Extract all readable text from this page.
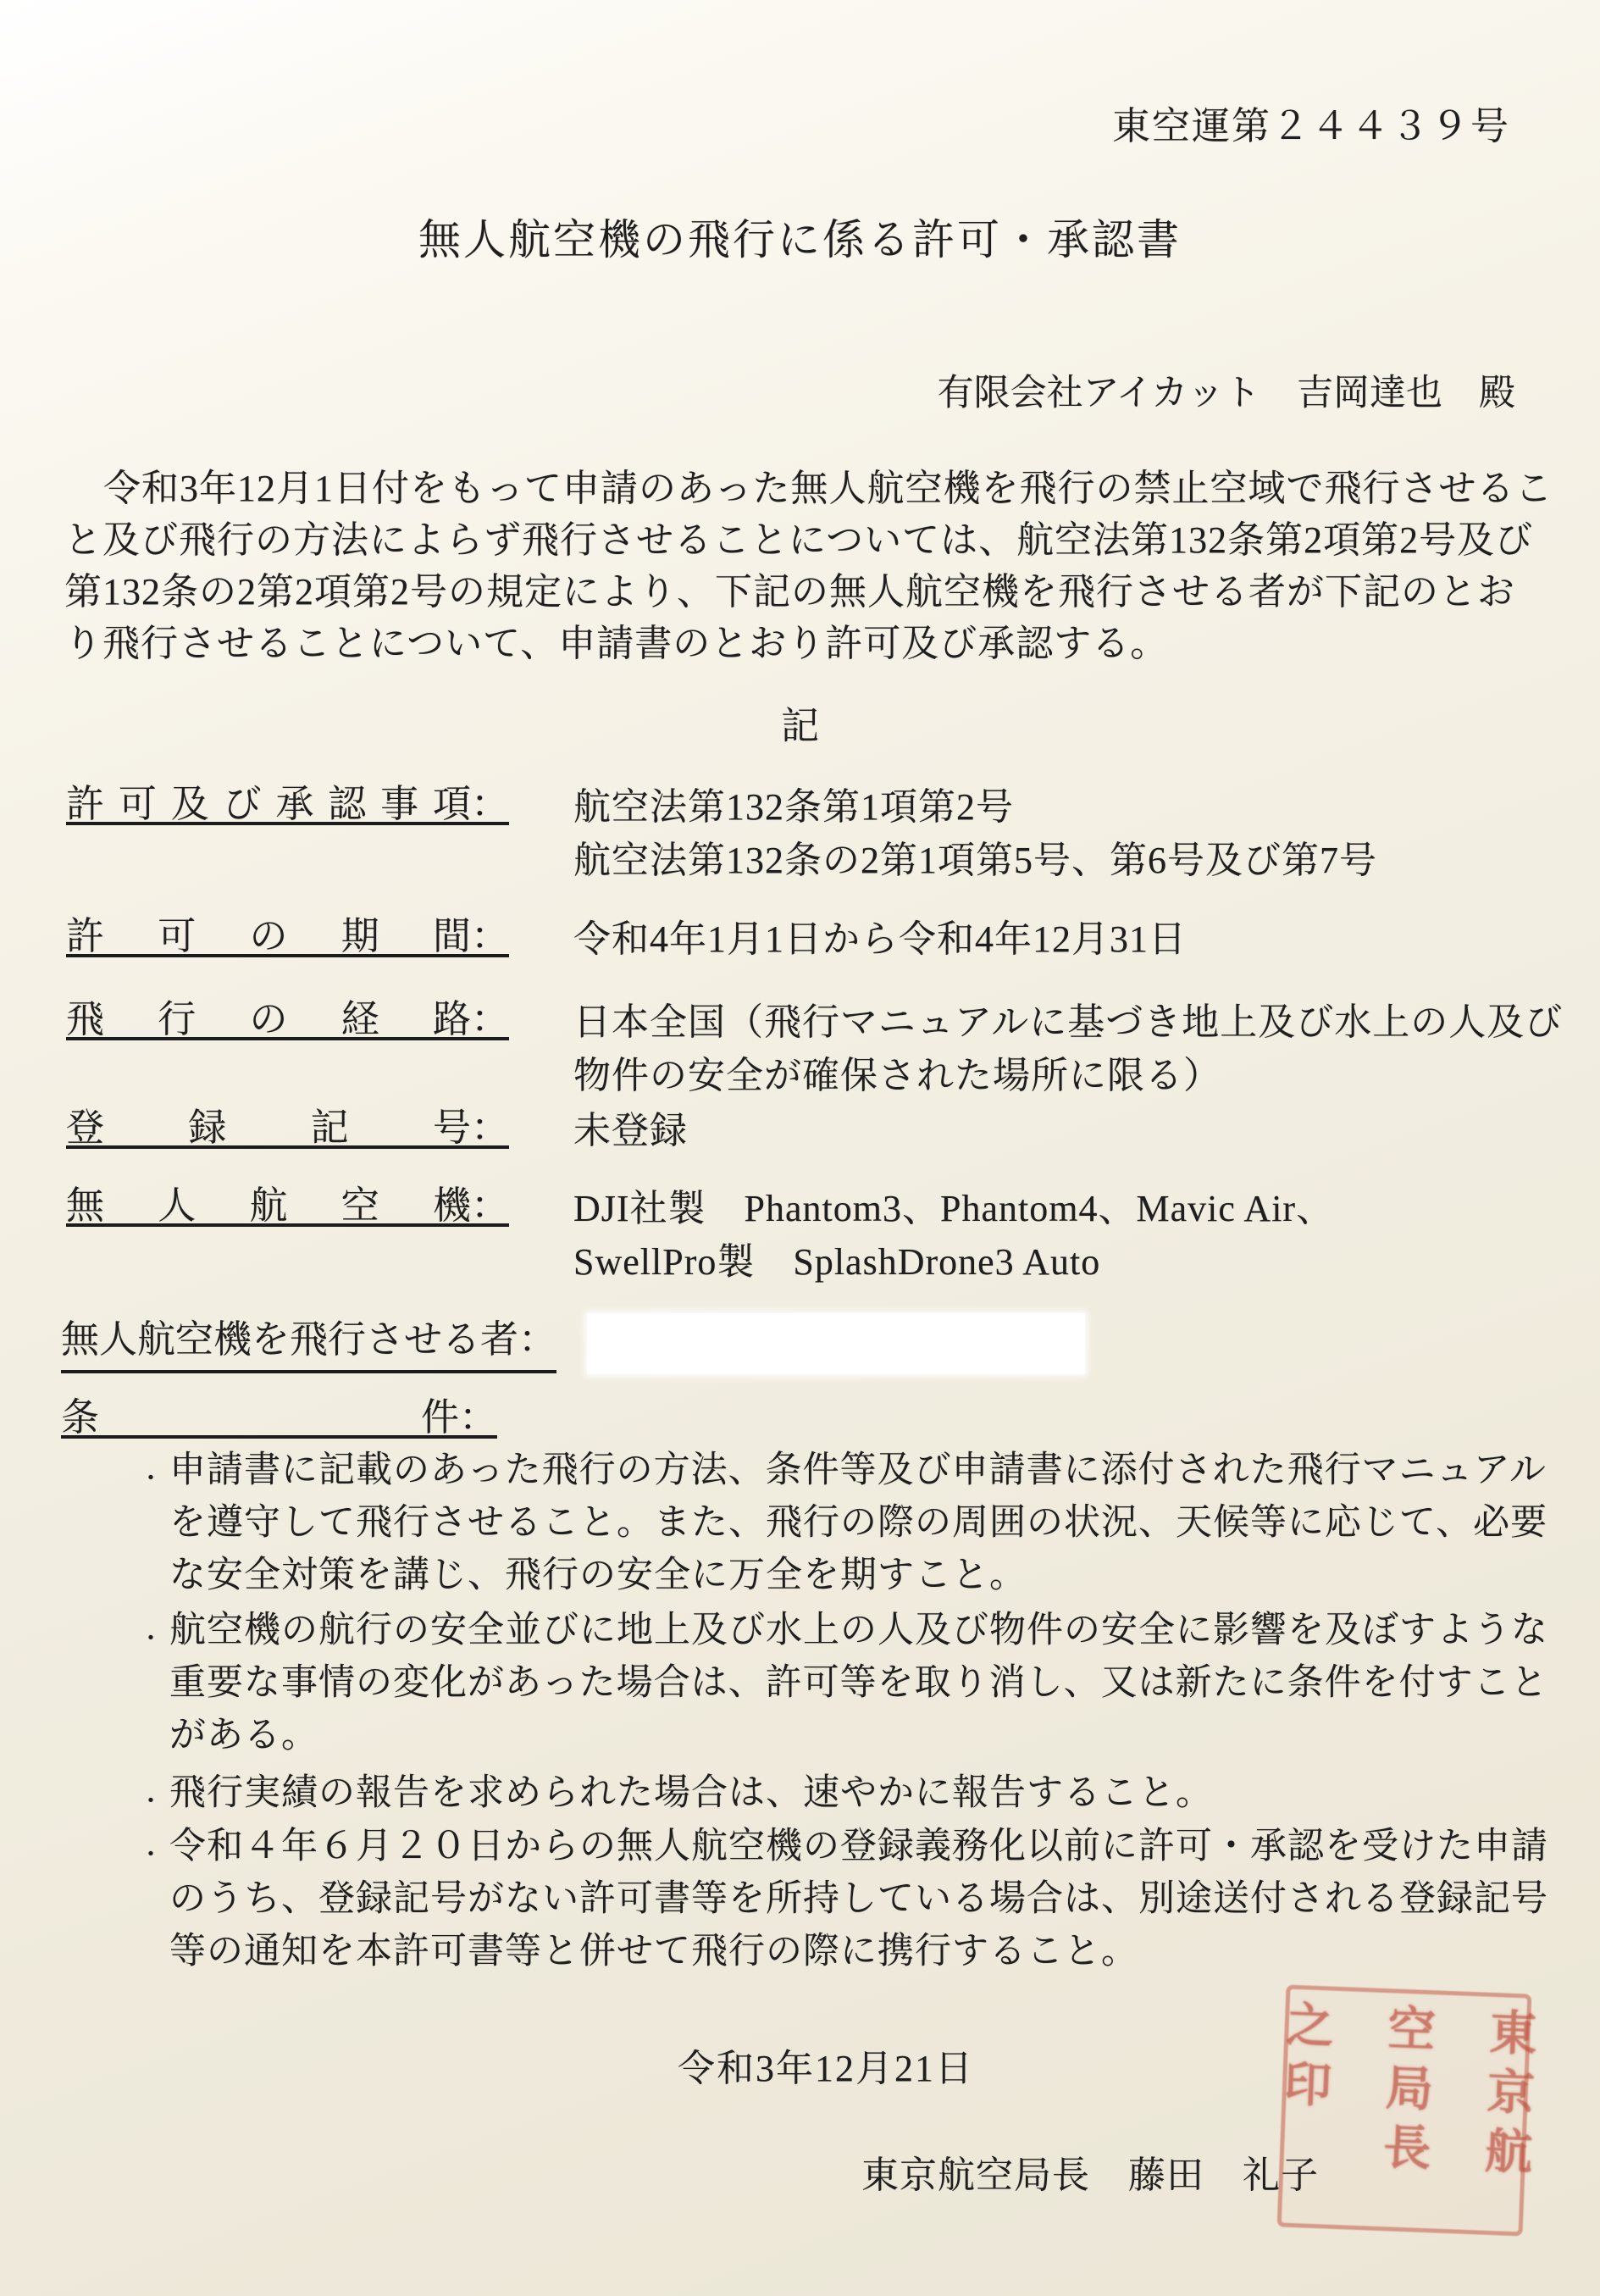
東空運第２４４３９号
無人航空機の飛行に係る許可・承認書
有限会社アイカット　吉岡達也　殿
令和3年12月1日付をもって申請のあった無人航空機を飛行の禁止空域で飛行させるこ
と及び飛行の方法によらず飛行させることについては、航空法第132条第2項第2号及び
第132条の2第2項第2号の規定により、下記の無人航空機を飛行させる者が下記のとお
り飛行させることについて、申請書のとおり許可及び承認する。
記
許可及び承認事項： 航空法第132条第1項第2号
航空法第132条の2第1項第5号、第6号及び第7号
許可の期間： 令和4年1月1日から令和4年12月31日
飛行の経路： 日本全国（飛行マニュアルに基づき地上及び水上の人及び
物件の安全が確保された場所に限る）
登録記号： 未登録
無人航空機： DJI社製　Phantom3、Phantom4、Mavic Air、
SwellPro製　SplashDrone3 Auto
無人航空機を飛行させる者：
条件：
・ 申請書に記載のあった飛行の方法、条件等及び申請書に添付された飛行マニュアル
を遵守して飛行させること。また、飛行の際の周囲の状況、天候等に応じて、必要
な安全対策を講じ、飛行の安全に万全を期すこと。
・ 航空機の航行の安全並びに地上及び水上の人及び物件の安全に影響を及ぼすような
重要な事情の変化があった場合は、許可等を取り消し、又は新たに条件を付すこと
がある。
・ 飛行実績の報告を求められた場合は、速やかに報告すること。
・ 令和４年６月２０日からの無人航空機の登録義務化以前に許可・承認を受けた申請
のうち、登録記号がない許可書等を所持している場合は、別途送付される登録記号
等の通知を本許可書等と併せて飛行の際に携行すること。
令和3年12月21日
東京航空局長　藤田　礼子	東京航空局長之印
